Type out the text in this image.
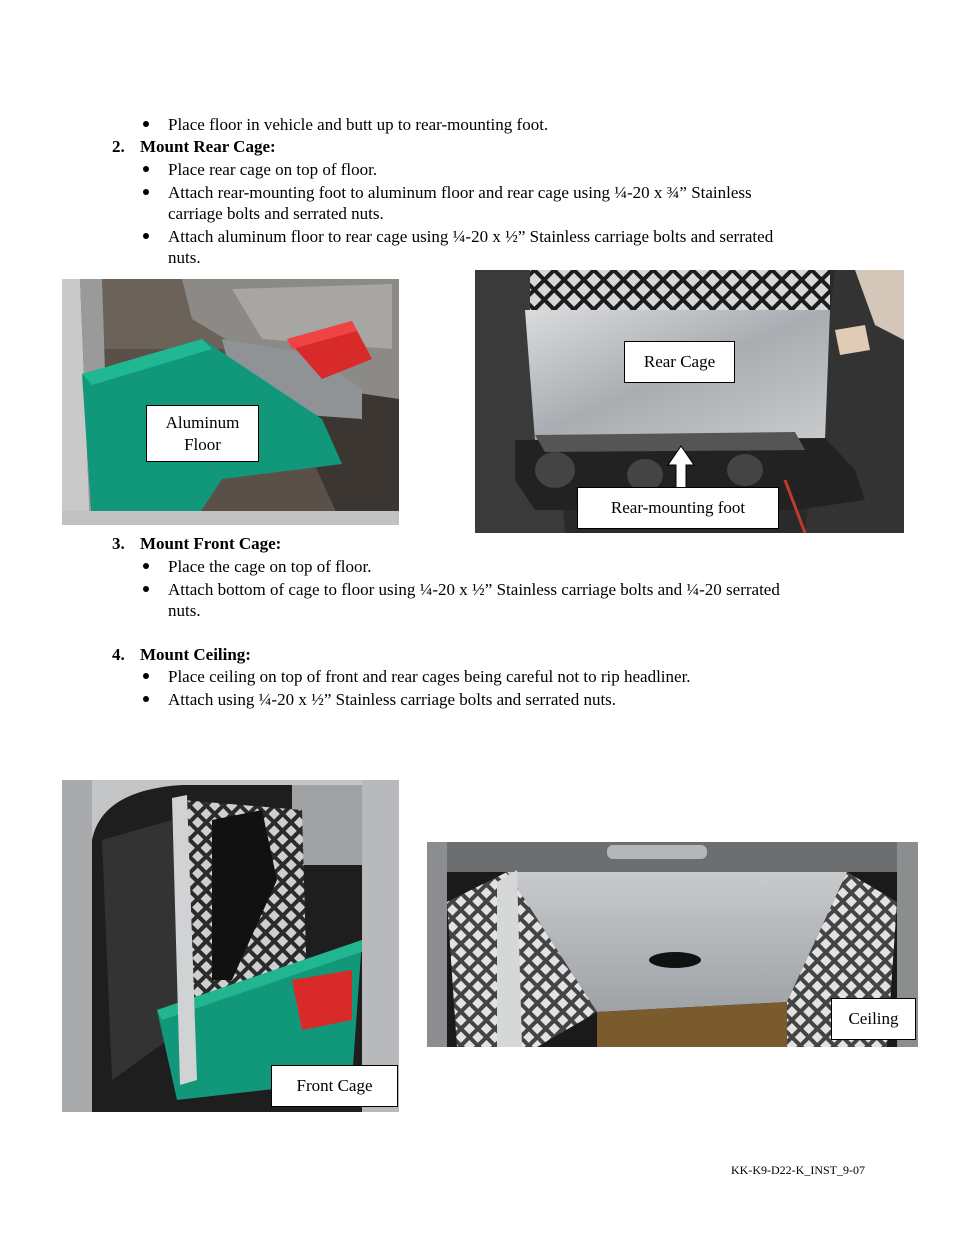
Place floor in vehicle and butt up to rear-mounting foot.
2. Mount Rear Cage:
Place rear cage on top of floor.
Attach rear-mounting foot to aluminum floor and rear cage using ¼-20 x ¾” Stainless
carriage bolts and serrated nuts.
Attach aluminum floor to rear cage using ¼-20 x ½” Stainless carriage bolts and serrated
nuts.
Aluminum
Floor
Rear Cage
Rear-mounting foot
3. Mount Front Cage:
Place the cage on top of floor.
Attach bottom of cage to floor using ¼-20 x ½” Stainless carriage bolts and ¼-20 serrated
nuts.
4. Mount Ceiling:
Place ceiling on top of front and rear cages being careful not to rip headliner.
Attach using ¼-20 x ½” Stainless carriage bolts and serrated nuts.
Front Cage
Ceiling
KK-K9-D22-K_INST_9-07
